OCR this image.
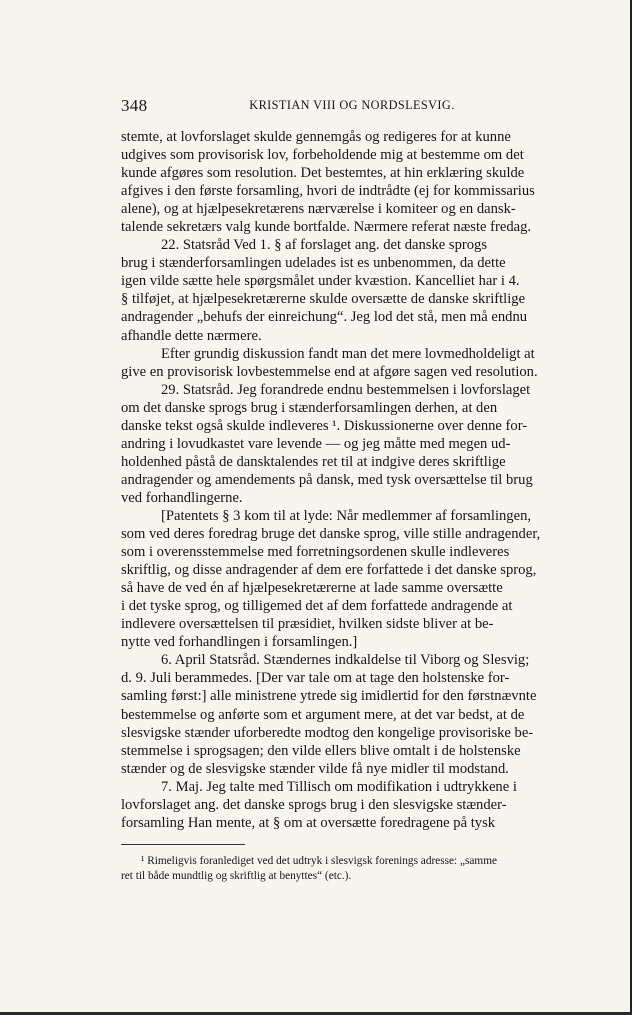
348	KRISTIAN VIII OG NORDSLESVIG.
stemte, at lovforslaget skulde gennemgås og redigeres for at kunne
udgives som provisorisk lov, forbeholdende mig at bestemme om det
kunde afgøres som resolution. Det bestemtes, at hin erklæring skulde
afgives i den første forsamling, hvori de indtrådte (ej for kommissarius
alene), og at hjælpesekretærens nærværelse i komiteer og en dansk-
talende sekretærs valg kunde bortfalde. Nærmere referat næste fredag.
22. Statsråd Ved 1. § af forslaget ang. det danske sprogs
brug i stænderforsamlingen udelades ist es unbenommen, da dette
igen vilde sætte hele spørgsmålet under kvæstion. Kancelliet har i 4.
§ tilføjet, at hjælpesekretærerne skulde oversætte de danske skriftlige
andragender „behufs der einreichung“. Jeg lod det stå, men må endnu
afhandle dette nærmere.
Efter grundig diskussion fandt man det mere lovmedholdeligt at
give en provisorisk lovbestemmelse end at afgøre sagen ved resolution.
29. Statsråd. Jeg forandrede endnu bestemmelsen i lovforslaget
om det danske sprogs brug i stænderforsamlingen derhen, at den
danske tekst også skulde indleveres ¹. Diskussionerne over denne for-
andring i lovudkastet vare levende — og jeg måtte med megen ud-
holdenhed påstå de dansktalendes ret til at indgive deres skriftlige
andragender og amendements på dansk, med tysk oversættelse til brug
ved forhandlingerne.
[Patentets § 3 kom til at lyde: Når medlemmer af forsamlingen,
som ved deres foredrag bruge det danske sprog, ville stille andragender,
som i overensstemmelse med forretningsordenen skulle indleveres
skriftlig, og disse andragender af dem ere forfattede i det danske sprog,
så have de ved én af hjælpesekretærerne at lade samme oversætte
i det tyske sprog, og tilligemed det af dem forfattede andragende at
indlevere oversættelsen til præsidiet, hvilken sidste bliver at be-
nytte ved forhandlingen i forsamlingen.]
6. April Statsråd. Stændernes indkaldelse til Viborg og Slesvig;
d. 9. Juli berammedes. [Der var tale om at tage den holstenske for-
samling først:] alle ministrene ytrede sig imidlertid for den førstnævnte
bestemmelse og anførte som et argument mere, at det var bedst, at de
slesvigske stænder uforberedte modtog den kongelige provisoriske be-
stemmelse i sprogsagen; den vilde ellers blive omtalt i de holstenske
stænder og de slesvigske stænder vilde få nye midler til modstand.
7. Maj. Jeg talte med Tillisch om modifikation i udtrykkene i
lovforslaget ang. det danske sprogs brug i den slesvigske stænder-
forsamling Han mente, at § om at oversætte foredragene på tysk
¹ Rimeligvis foranlediget ved det udtryk i slesvigsk forenings adresse: „samme
ret til både mundtlig og skriftlig at benyttes“ (etc.).
